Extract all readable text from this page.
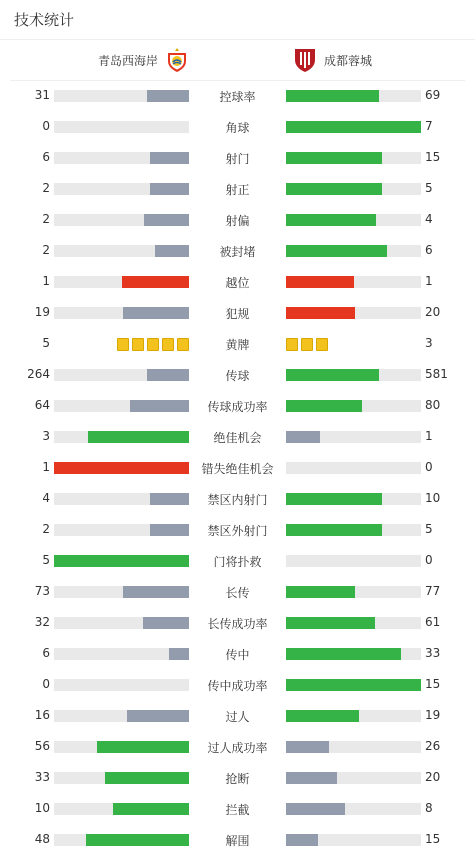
技术统计
青岛西海岸	成都蓉城
31	控球率	69
0	角球	7
6	射门	15
2	射正	5
2	射偏	4
2	被封堵	6
1	越位	1
19	犯规	20
5	黄牌	3
264	传球	581
64	传球成功率	80
3	绝佳机会	1
1	错失绝佳机会	0
4	禁区内射门	10
2	禁区外射门	5
5	门将扑救	0
73	长传	77
32	长传成功率	61
6	传中	33
0	传中成功率	15
16	过人	19
56	过人成功率	26
33	抢断	20
10	拦截	8
48	解围	15
